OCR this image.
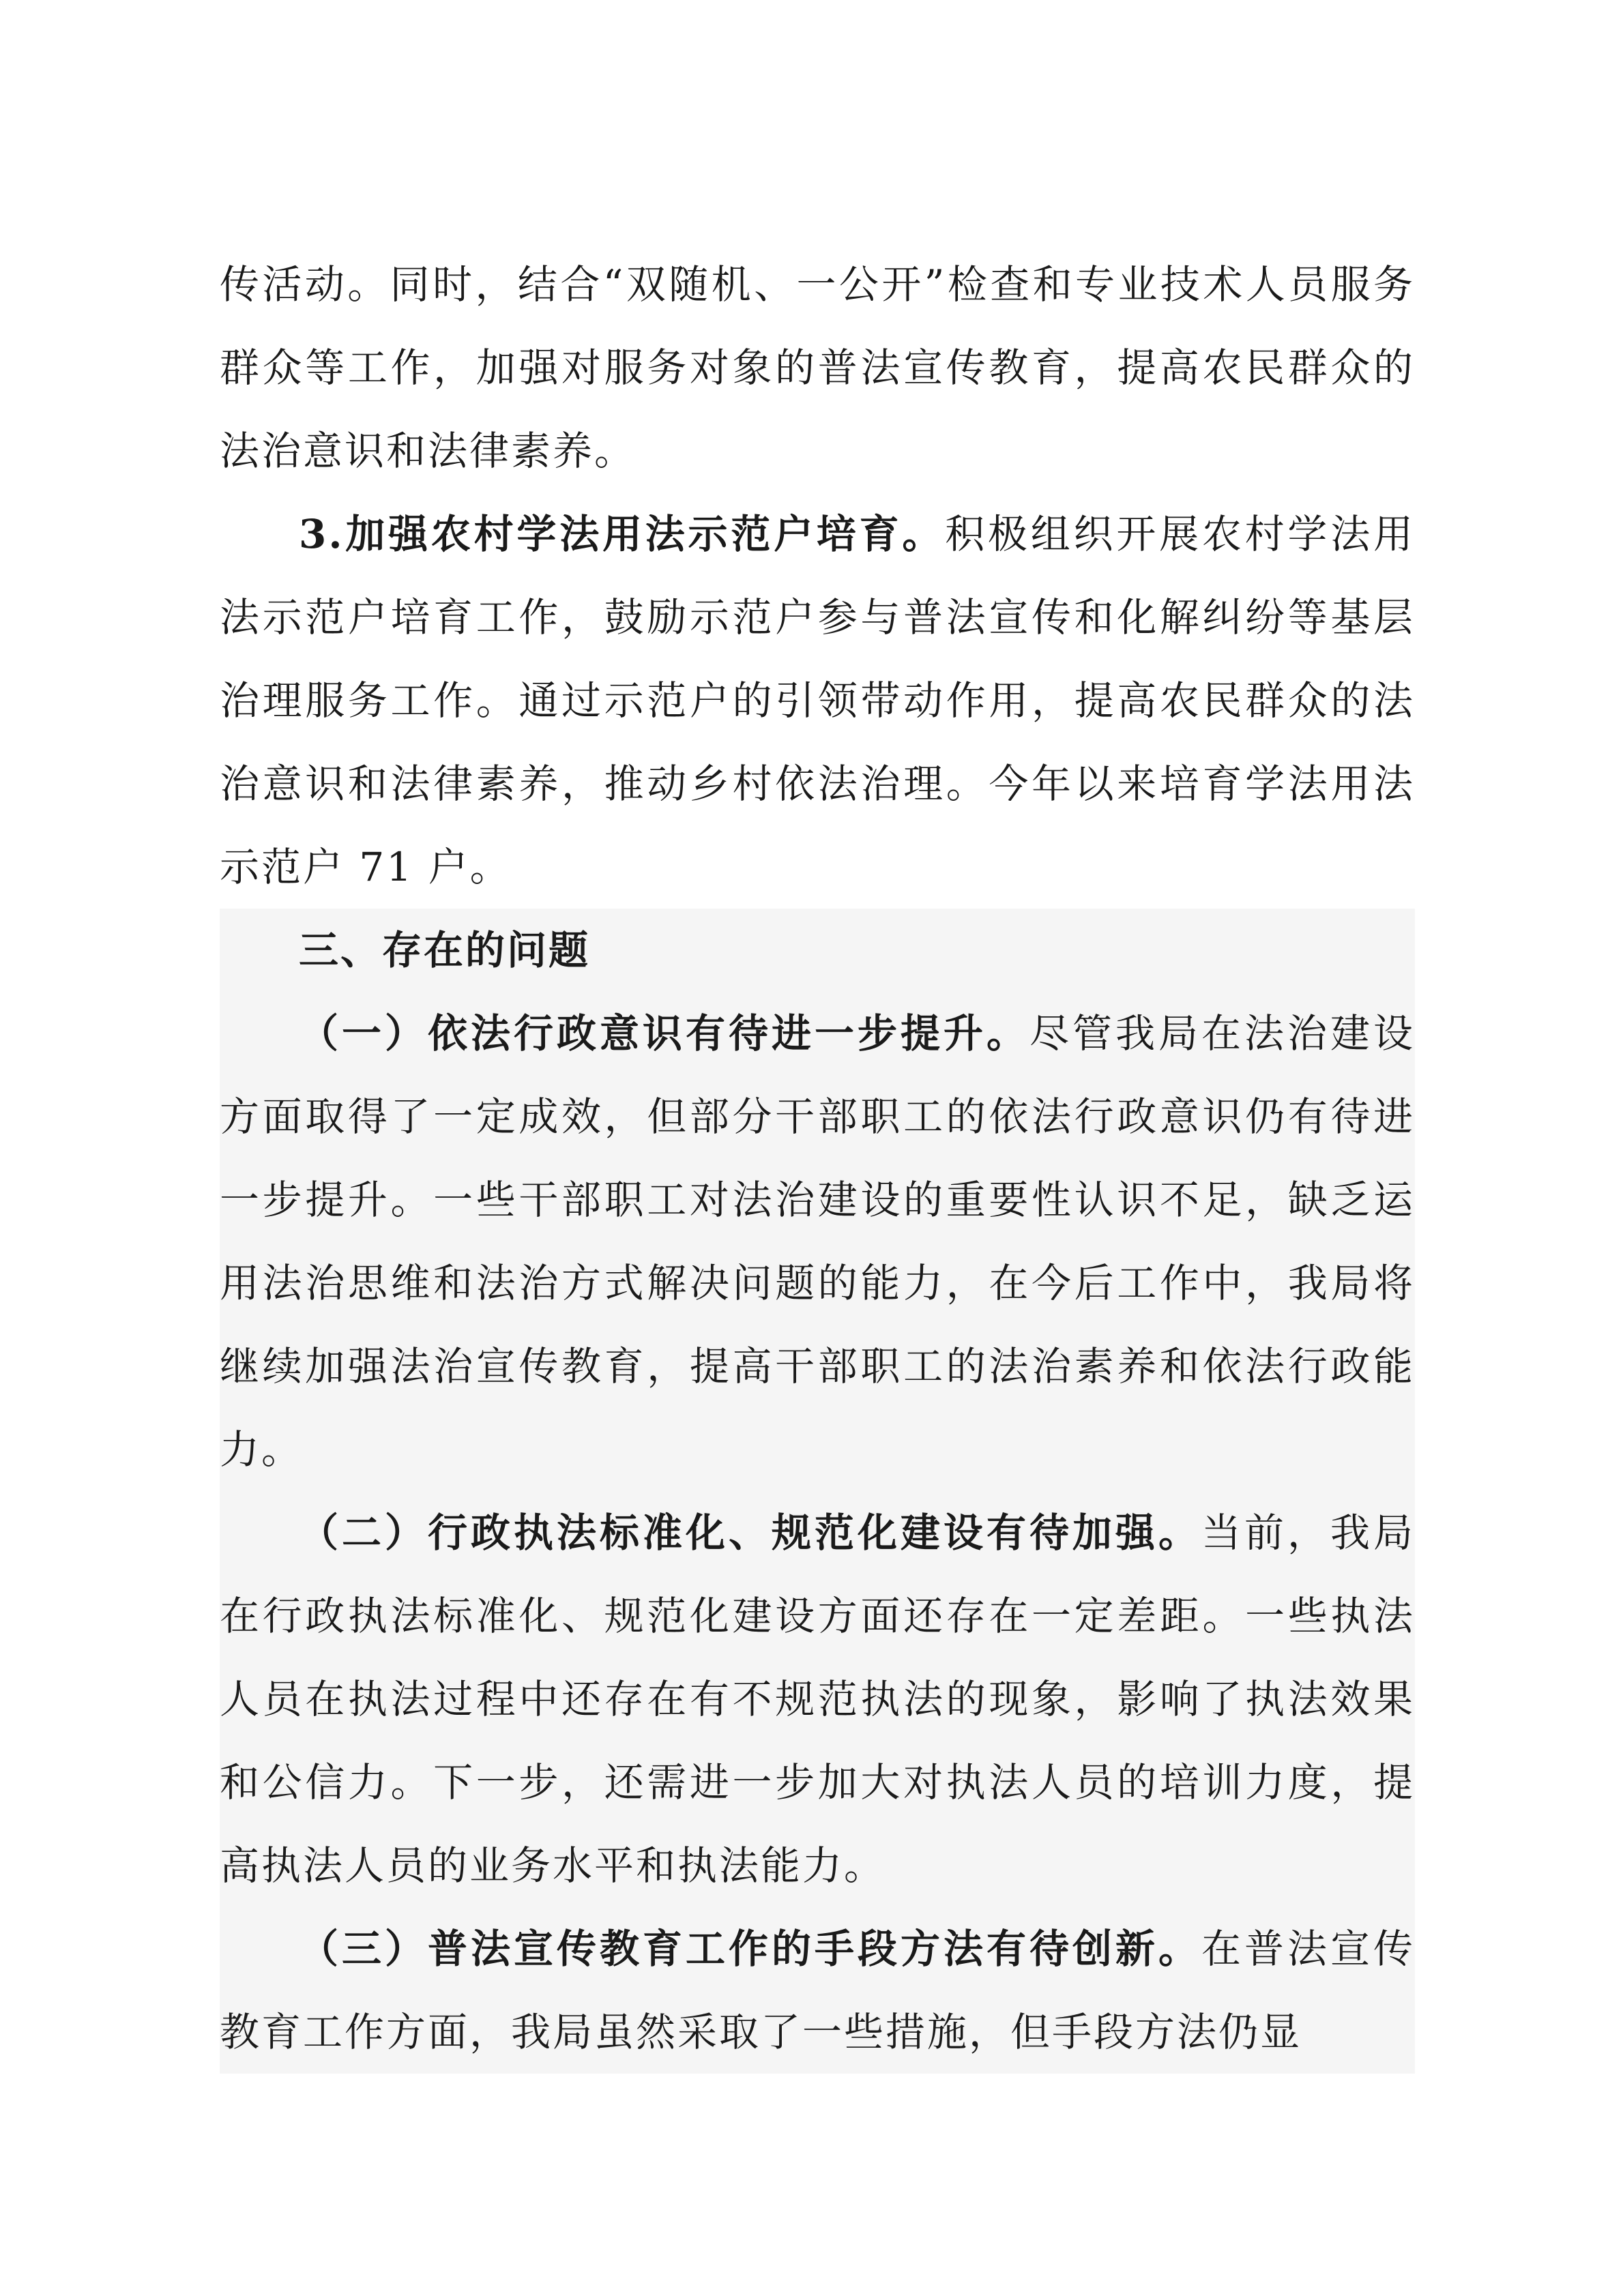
传活动。同时，结合“双随机、一公开”检查和专业技术人员服务群众等工作，加强对服务对象的普法宣传教育，提高农民群众的法治意识和法律素养。

3.加强农村学法用法示范户培育。积极组织开展农村学法用法示范户培育工作，鼓励示范户参与普法宣传和化解纠纷等基层治理服务工作。通过示范户的引领带动作用，提高农民群众的法治意识和法律素养，推动乡村依法治理。今年以来培育学法用法示范户 71 户。

三、存在的问题

（一）依法行政意识有待进一步提升。尽管我局在法治建设方面取得了一定成效，但部分干部职工的依法行政意识仍有待进一步提升。一些干部职工对法治建设的重要性认识不足，缺乏运用法治思维和法治方式解决问题的能力，在今后工作中，我局将继续加强法治宣传教育，提高干部职工的法治素养和依法行政能力。

（二）行政执法标准化、规范化建设有待加强。当前，我局在行政执法标准化、规范化建设方面还存在一定差距。一些执法人员在执法过程中还存在有不规范执法的现象，影响了执法效果和公信力。下一步，还需进一步加大对执法人员的培训力度，提高执法人员的业务水平和执法能力。

（三）普法宣传教育工作的手段方法有待创新。在普法宣传教育工作方面，我局虽然采取了一些措施，但手段方法仍显
